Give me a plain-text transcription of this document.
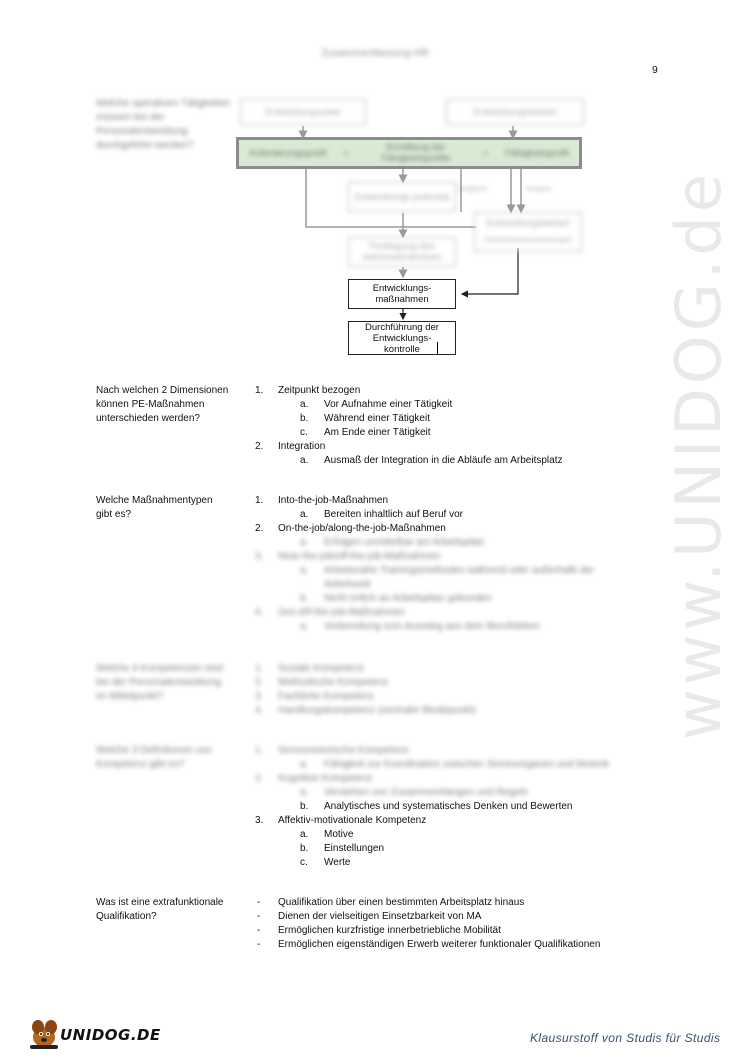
Zusammenfassung HR
9
www.UNIDOG.de
Welche operativen Tätigkeiten müssen bei der Personalentwicklung durchgeführt werden?
Entwicklungsziele	Entwicklungsbedarf
Anforderungsprofil =	Ermittlung der Fähigkeitsprofile	= Fähigkeitsprofil
Entwicklungs-potential
Vergleich	Analyse
Entwicklungsbedarf
Unterrichtsvoraussetzungen
Festlegung des Adressatenkreises
Entwicklungs-maßnahmen
Durchführung der Entwicklungs-kontrolle
Nach welchen 2 Dimensionen können PE-Maßnahmen unterschieden werden?
1. Zeitpunkt bezogen
a. Vor Aufnahme einer Tätigkeit
b. Während einer Tätigkeit
c. Am Ende einer Tätigkeit
2. Integration
a. Ausmaß der Integration in die Abläufe am Arbeitsplatz
Welche Maßnahmentypen gibt es?
1. Into-the-job-Maßnahmen
a. Bereiten inhaltlich auf Beruf vor
2. On-the-job/along-the-job-Maßnahmen
a. Erfolgen unmittelbar am Arbeitsplatz
3. Near-the-job/off-the-job-Maßnahmen
a. Arbeitsnahe Trainingsmethoden während oder außerhalb der
Arbeitszeit
b. Nicht örtlich an Arbeitsplatz gebunden
4. Out-of/f-the-job-Maßnahmen
a. Vorbereitung zum Ausstieg aus dem Berufsleben
Welche 4 Kompetenzen sind bei der Personalentwicklung im Mittelpunkt?
1. Soziale Kompetenz
2. Methodische Kompetenz
3. Fachliche Kompetenz
4. Handlungskompetenz (zentraler Bindepunkt)
Welche 3 Definitionen von Kompetenz gibt es?
1. Sensomotorische Kompetenz
a. Fähigkeit zur Koordination zwischen Sinnesorganen und Motorik
2. Kognitive Kompetenz
a. Verstehen von Zusammenhängen und Regeln
b. Analytisches und systematisches Denken und Bewerten
3. Affektiv-motivationale Kompetenz
a. Motive
b. Einstellungen
c. Werte
Was ist eine extrafunktionale Qualifikation?
- Qualifikation über einen bestimmten Arbeitsplatz hinaus
- Dienen der vielseitigen Einsetzbarkeit von MA
- Ermöglichen kurzfristige innerbetriebliche Mobilität
- Ermöglichen eigenständigen Erwerb weiterer funktionaler Qualifikationen
UNIDOG.DE	Klausurstoff von Studis für Studis
